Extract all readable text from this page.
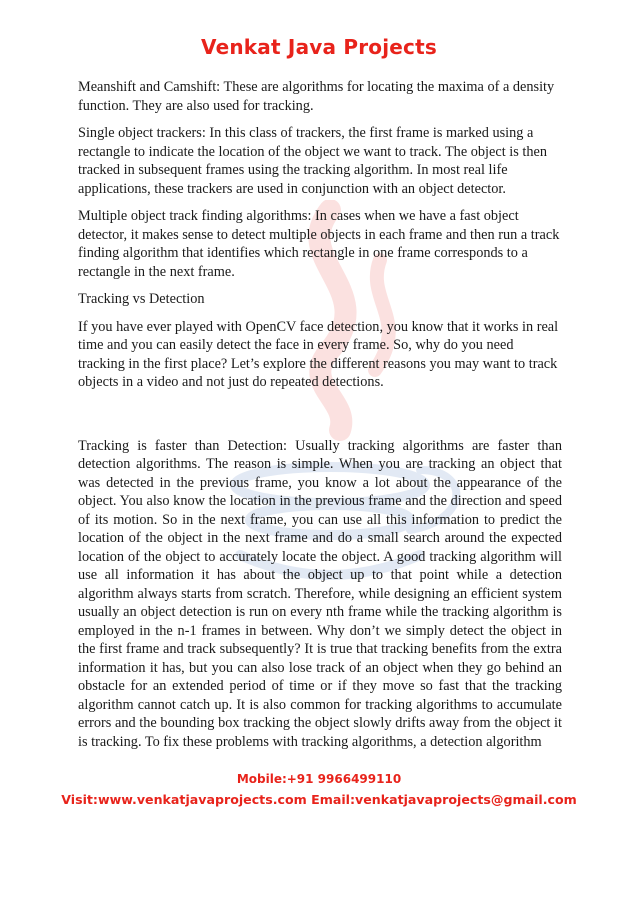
Venkat Java Projects

Meanshift and Camshift: These are algorithms for locating the maxima of a density function. They are also used for tracking.

Single object trackers: In this class of trackers, the first frame is marked using a rectangle to indicate the location of the object we want to track. The object is then tracked in subsequent frames using the tracking algorithm. In most real life applications, these trackers are used in conjunction with an object detector.

Multiple object track finding algorithms: In cases when we have a fast object detector, it makes sense to detect multiple objects in each frame and then run a track finding algorithm that identifies which rectangle in one frame corresponds to a rectangle in the next frame.

Tracking vs Detection

If you have ever played with OpenCV face detection, you know that it works in real time and you can easily detect the face in every frame. So, why do you need tracking in the first place? Let’s explore the different reasons you may want to track objects in a video and not just do repeated detections.

Tracking is faster than Detection: Usually tracking algorithms are faster than detection algorithms. The reason is simple. When you are tracking an object that was detected in the previous frame, you know a lot about the appearance of the object. You also know the location in the previous frame and the direction and speed of its motion. So in the next frame, you can use all this information to predict the location of the object in the next frame and do a small search around the expected location of the object to accurately locate the object. A good tracking algorithm will use all information it has about the object up to that point while a detection algorithm always starts from scratch. Therefore, while designing an efficient system usually an object detection is run on every nth frame while the tracking algorithm is employed in the n-1 frames in between. Why don’t we simply detect the object in the first frame and track subsequently? It is true that tracking benefits from the extra information it has, but you can also lose track of an object when they go behind an obstacle for an extended period of time or if they move so fast that the tracking algorithm cannot catch up. It is also common for tracking algorithms to accumulate errors and the bounding box tracking the object slowly drifts away from the object it is tracking. To fix these problems with tracking algorithms, a detection algorithm

Mobile:+91 9966499110
Visit:www.venkatjavaprojects.com Email:venkatjavaprojects@gmail.com
